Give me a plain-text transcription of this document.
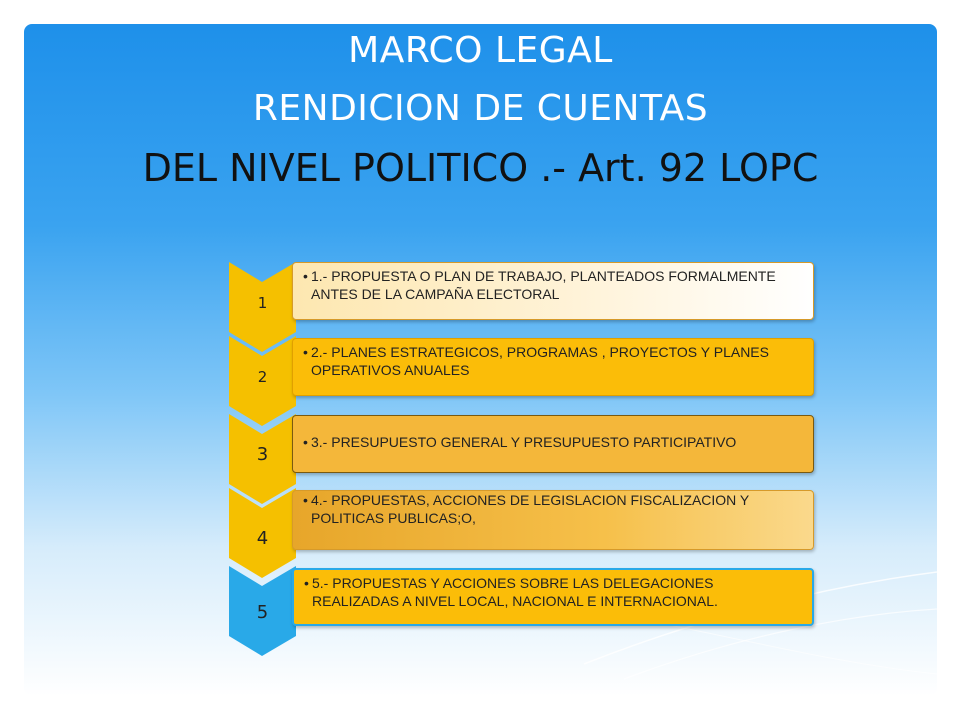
MARCO LEGAL
RENDICION DE CUENTAS
DEL NIVEL POLITICO .- Art. 92 LOPC
1
• 1.- PROPUESTA O PLAN DE TRABAJO, PLANTEADOS FORMALMENTE ANTES DE LA CAMPAÑA ELECTORAL
2
• 2.- PLANES ESTRATEGICOS, PROGRAMAS , PROYECTOS Y PLANES OPERATIVOS ANUALES
3
• 3.- PRESUPUESTO GENERAL Y PRESUPUESTO PARTICIPATIVO
4
• 4.- PROPUESTAS, ACCIONES DE LEGISLACION FISCALIZACION Y POLITICAS PUBLICAS;O,
5
• 5.- PROPUESTAS Y ACCIONES SOBRE LAS DELEGACIONES REALIZADAS A NIVEL LOCAL, NACIONAL E INTERNACIONAL.
